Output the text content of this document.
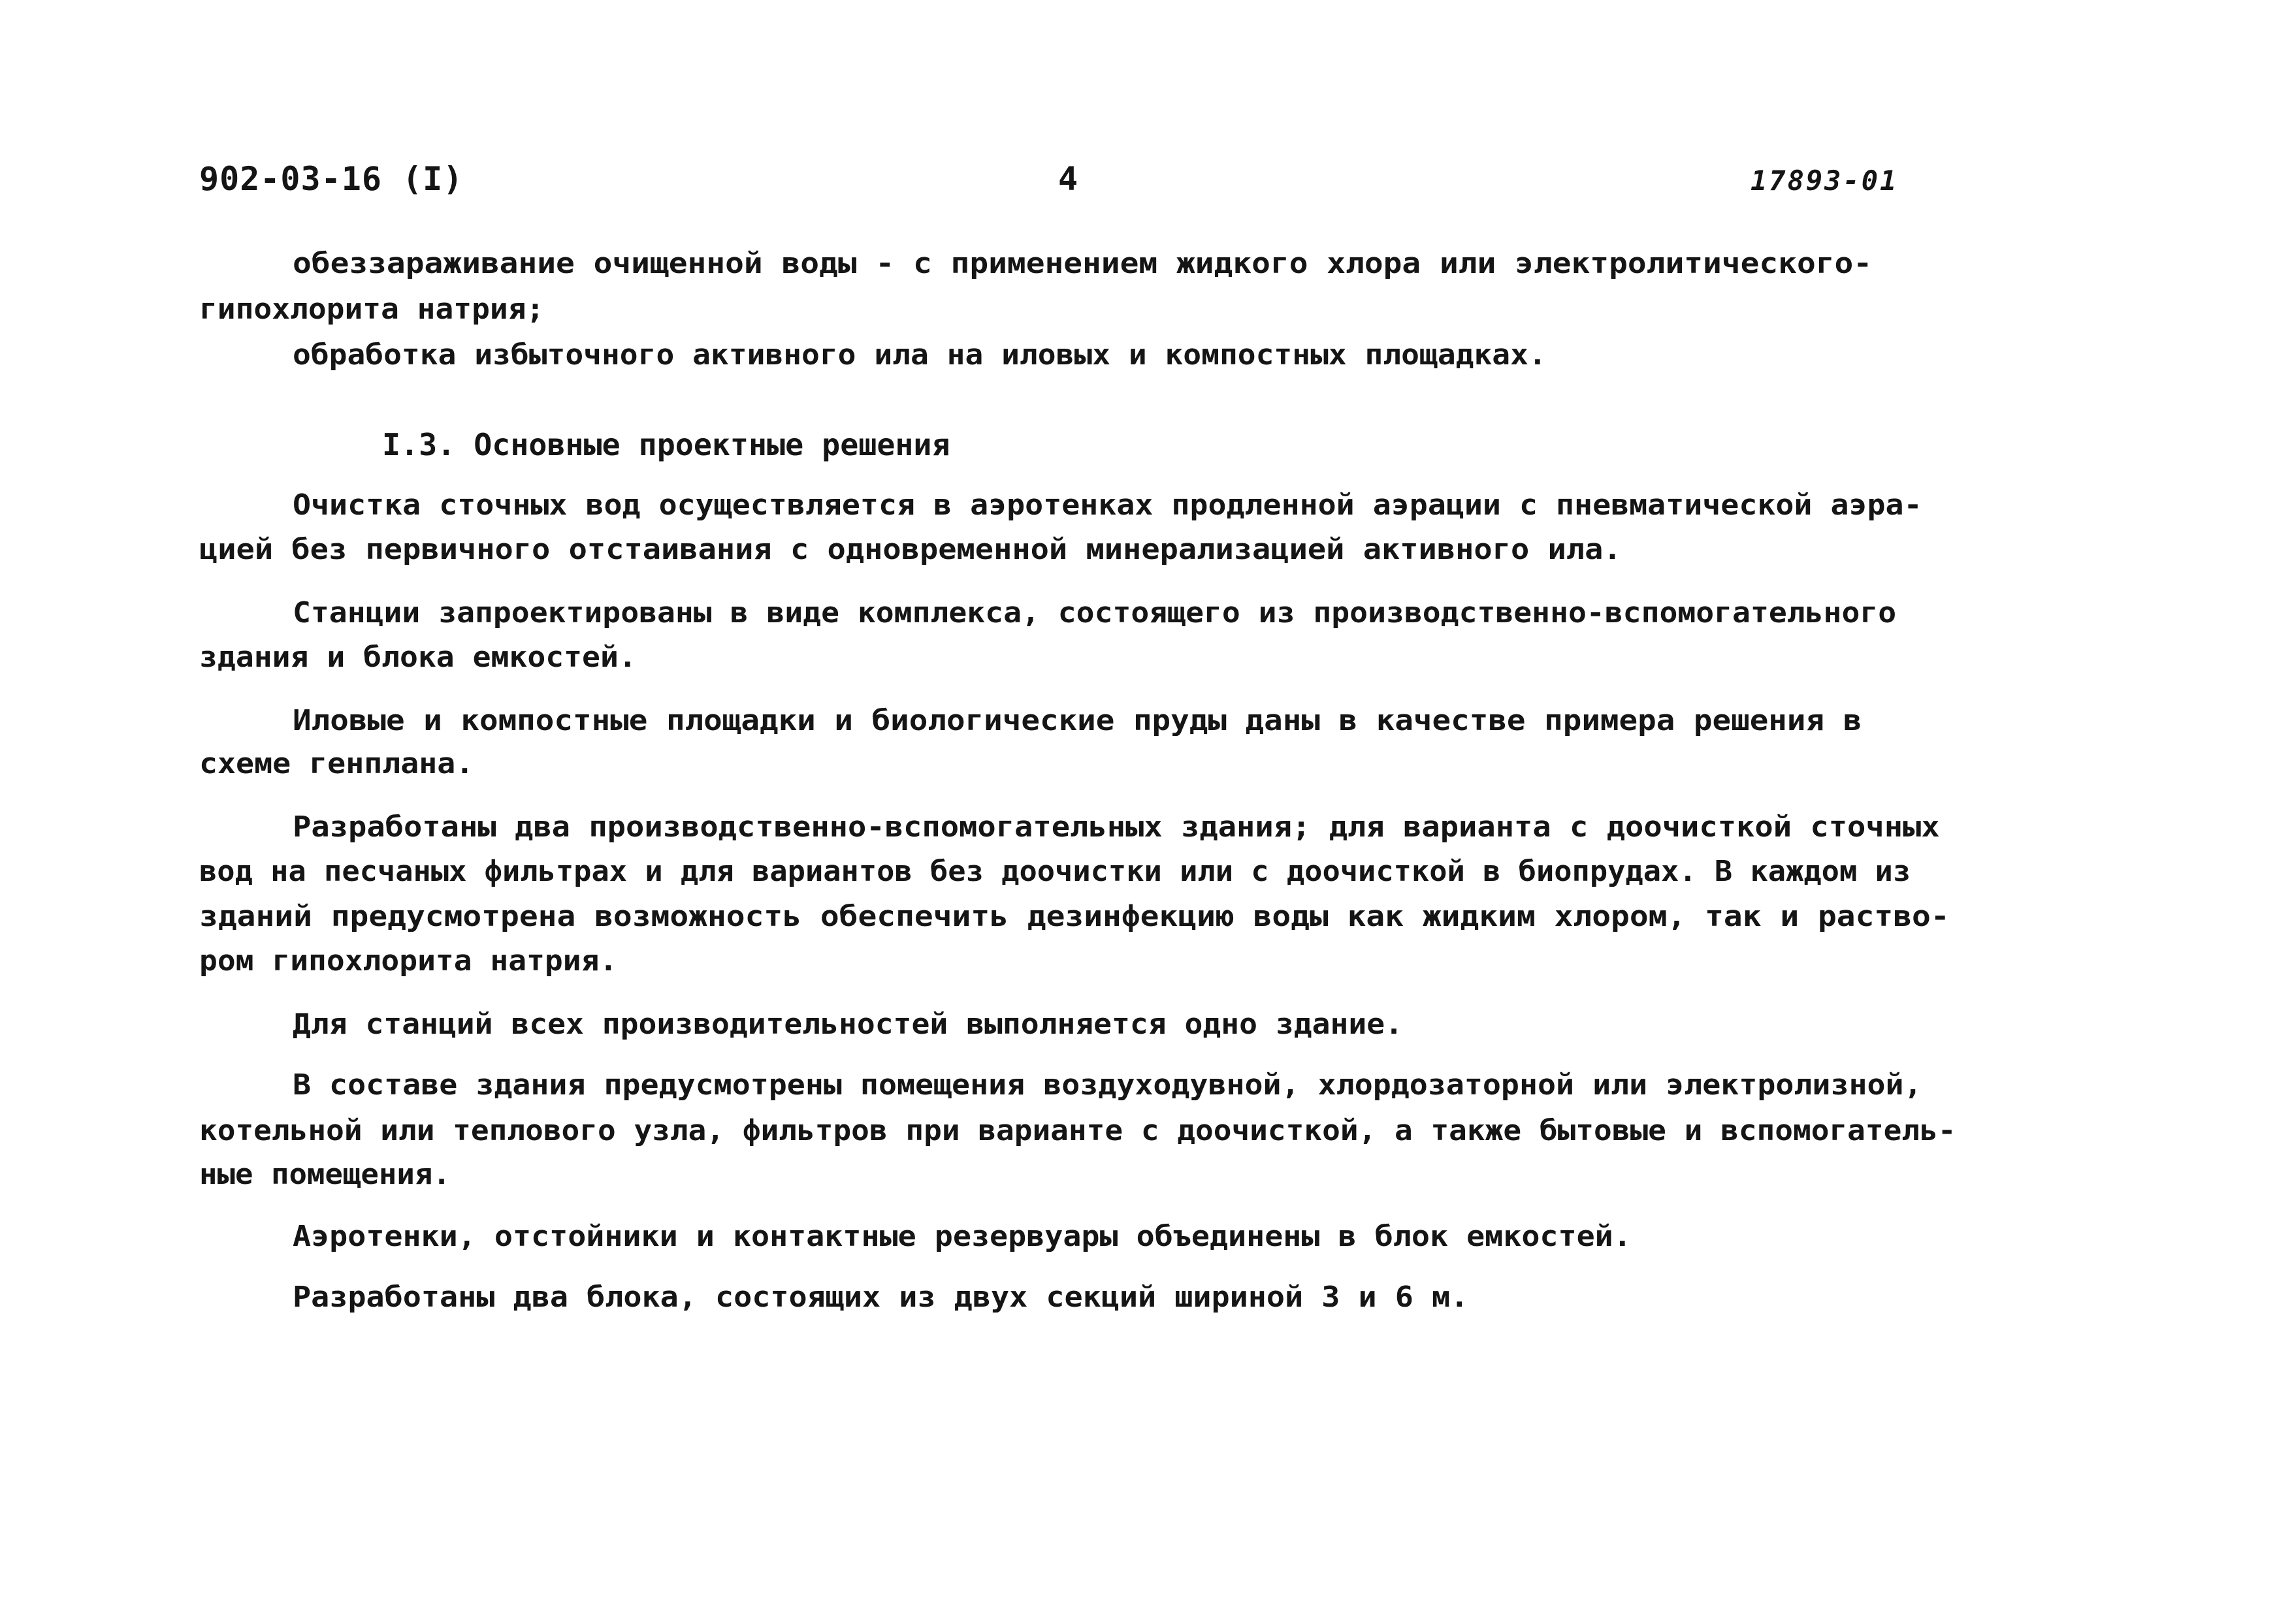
902-03-16 (I)	4	17893-01
обеззараживание очищенной воды - с применением жидкого хлора или электролитического-
гипохлорита натрия;
обработка избыточного активного ила на иловых и компостных площадках.
I.3. Основные проектные решения
Очистка сточных вод осуществляется в аэротенках продленной аэрации с пневматической аэра-
цией без первичного отстаивания с одновременной минерализацией активного ила.
Станции запроектированы в виде комплекса, состоящего из производственно-вспомогательного
здания и блока емкостей.
Иловые и компостные площадки и биологические пруды даны в качестве примера решения в
схеме генплана.
Разработаны два производственно-вспомогательных здания; для варианта с доочисткой сточных
вод на песчаных фильтрах и для вариантов без доочистки или с доочисткой в биопрудах. В каждом из
зданий предусмотрена возможность обеспечить дезинфекцию воды как жидким хлором, так и раство-
ром гипохлорита натрия.
Для станций всех производительностей выполняется одно здание.
В составе здания предусмотрены помещения воздуходувной, хлордозаторной или электролизной,
котельной или теплового узла, фильтров при варианте с доочисткой, а также бытовые и вспомогатель-
ные помещения.
Аэротенки, отстойники и контактные резервуары объединены в блок емкостей.
Разработаны два блока, состоящих из двух секций шириной 3 и 6 м.
